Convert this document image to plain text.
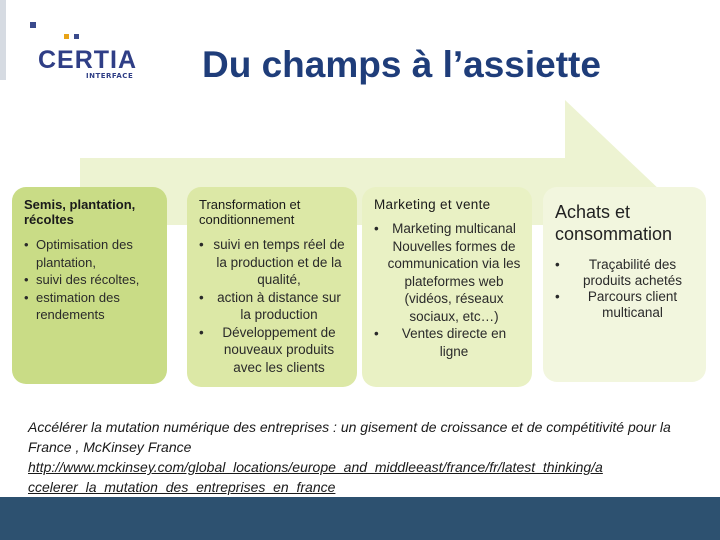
CERTIA
INTERFACE Du champs à l’assiette
Semis, plantation, récoltes
• Optimisation des plantation,
• suivi des récoltes,
• estimation des rendements
Transformation et conditionnement
• suivi en temps réel de la production et de la qualité,
• action à distance sur la production
• Développement de nouveaux produits avec les clients
Marketing et vente
• Marketing multicanal Nouvelles formes de communication via les plateformes web (vidéos, réseaux sociaux, etc…)
• Ventes directe en ligne
Achats et consommation
• Traçabilité des produits achetés
• Parcours client multicanal
Accélérer la mutation numérique des entreprises : un gisement de croissance et de compétitivité pour la France , McKinsey France
http://www.mckinsey.com/global_locations/europe_and_middleeast/france/fr/latest_thinking/a
ccelerer_la_mutation_des_entreprises_en_france
